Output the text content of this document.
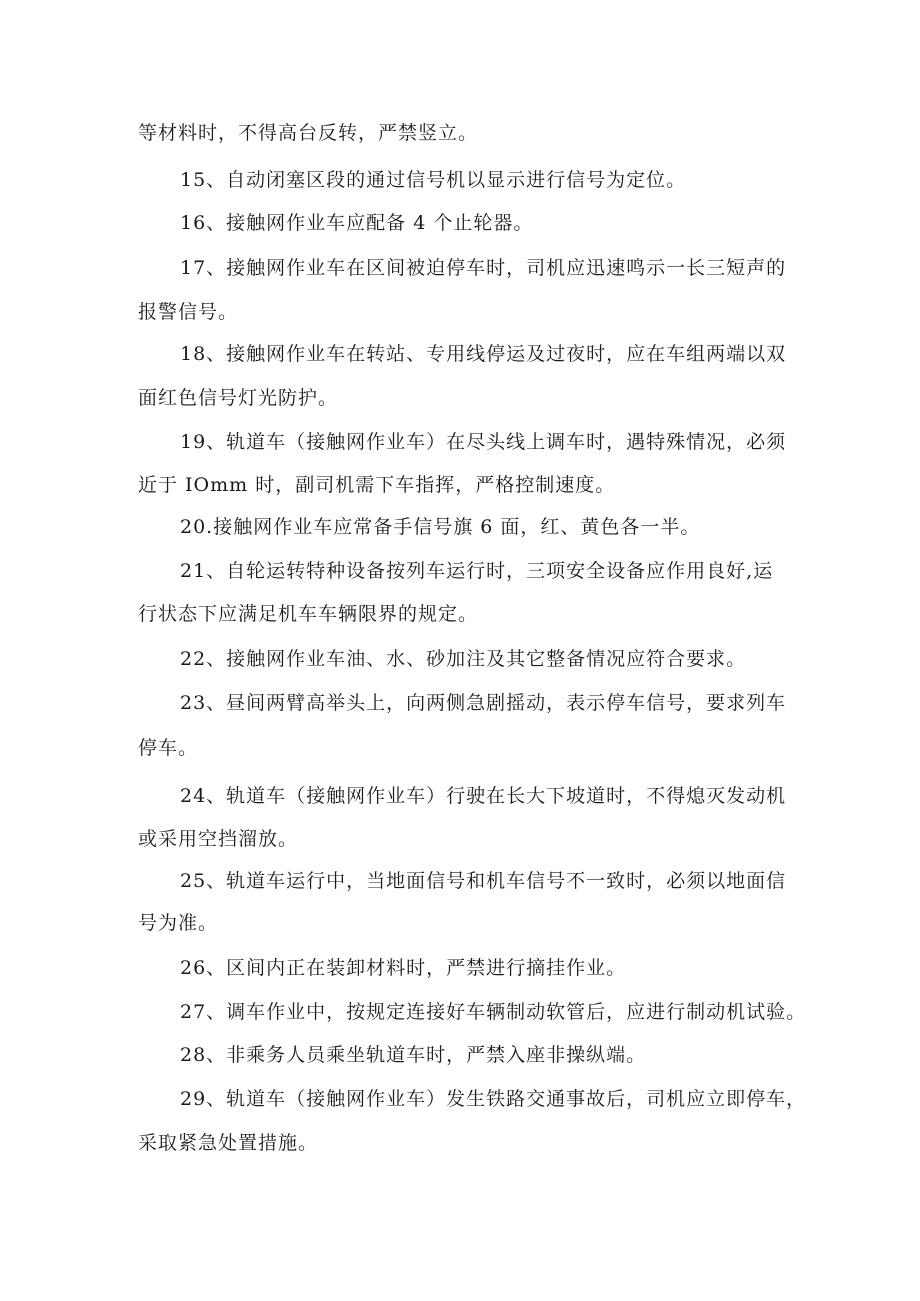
等材料时，不得高台反转，严禁竖立。
15、自动闭塞区段的通过信号机以显示进行信号为定位。
16、接触网作业车应配备 4 个止轮器。
17、接触网作业车在区间被迫停车时，司机应迅速鸣示一长三短声的
报警信号。
18、接触网作业车在转站、专用线停运及过夜时，应在车组两端以双
面红色信号灯光防护。
19、轨道车（接触网作业车）在尽头线上调车时，遇特殊情况，必须
近于 IOmm 时，副司机需下车指挥，严格控制速度。
20.接触网作业车应常备手信号旗 6 面，红、黄色各一半。
21、自轮运转特种设备按列车运行时，三项安全设备应作用良好,运
行状态下应满足机车车辆限界的规定。
22、接触网作业车油、水、砂加注及其它整备情况应符合要求。
23、昼间两臂高举头上，向两侧急剧摇动，表示停车信号，要求列车
停车。
24、轨道车（接触网作业车）行驶在长大下坡道时，不得熄灭发动机
或采用空挡溜放。
25、轨道车运行中，当地面信号和机车信号不一致时，必须以地面信
号为准。
26、区间内正在装卸材料时，严禁进行摘挂作业。
27、调车作业中，按规定连接好车辆制动软管后，应进行制动机试验。
28、非乘务人员乘坐轨道车时，严禁入座非操纵端。
29、轨道车（接触网作业车）发生铁路交通事故后，司机应立即停车，
采取紧急处置措施。
